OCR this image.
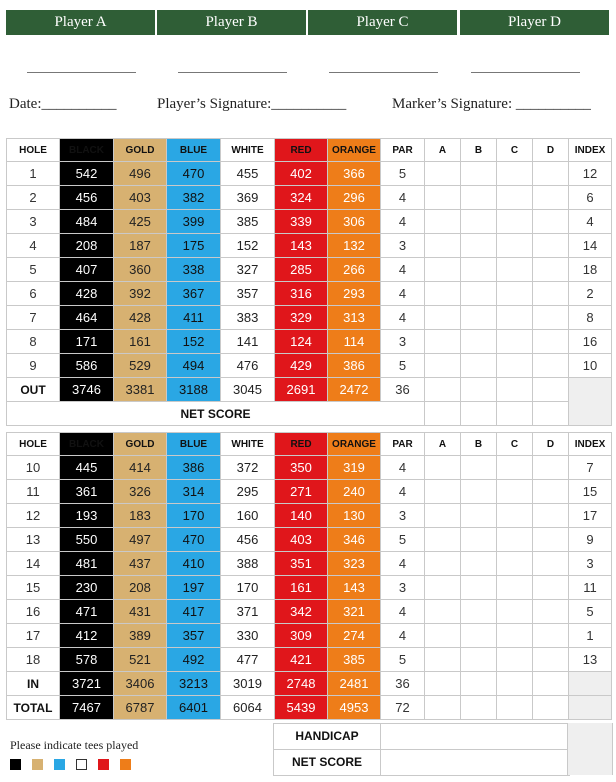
Player A	Player B	Player C	Player D
Date:__________	Player’s Signature:__________	Marker’s Signature: __________
HOLE	BLACK	GOLD	BLUE	WHITE	RED	ORANGE	PAR	A	B	C	D	INDEX
1	542	496	470	455	402	366	5					12
2	456	403	382	369	324	296	4					6
3	484	425	399	385	339	306	4					4
4	208	187	175	152	143	132	3					14
5	407	360	338	327	285	266	4					18
6	428	392	367	357	316	293	4					2
7	464	428	411	383	329	313	4					8
8	171	161	152	141	124	114	3					16
9	586	529	494	476	429	386	5					10
OUT	3746	3381	3188	3045	2691	2472	36					
NET SCORE												
HOLE	BLACK	GOLD	BLUE	WHITE	RED	ORANGE	PAR	A	B	C	D	INDEX
10	445	414	386	372	350	319	4					7
11	361	326	314	295	271	240	4					15
12	193	183	170	160	140	130	3					17
13	550	497	470	456	403	346	5					9
14	481	437	410	388	351	323	4					3
15	230	208	197	170	161	143	3					11
16	471	431	417	371	342	321	4					5
17	412	389	357	330	309	274	4					1
18	578	521	492	477	421	385	5					13
IN	3721	3406	3213	3019	2748	2481	36					
TOTAL	7467	6787	6401	6064	5439	4953	72					
HANDICAP
NET SCORE
Please indicate tees played
